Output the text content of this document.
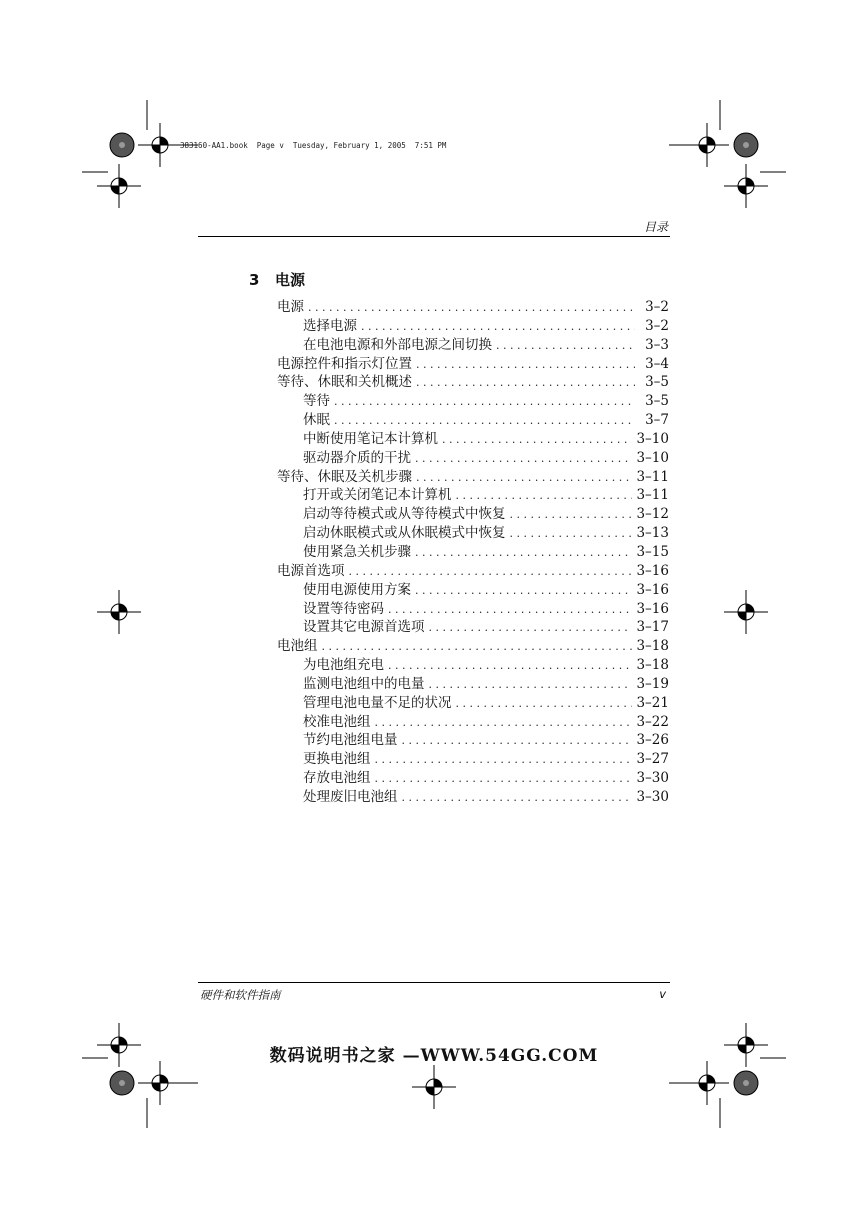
383160-AA1.book  Page v  Tuesday, February 1, 2005  7:51 PM
目录
3 电源
电源 . . .	3–2
选择电源 . . .	3–2
在电池电源和外部电源之间切换 . . .	3–3
电源控件和指示灯位置 . . .	3–4
等待、休眠和关机概述 . . .	3–5
等待 . . .	3–5
休眠 . . .	3–7
中断使用笔记本计算机 . . .	3–10
驱动器介质的干扰 . . .	3–10
等待、休眠及关机步骤 . . .	3–11
打开或关闭笔记本计算机 . . .	3–11
启动等待模式或从等待模式中恢复 . . .	3–12
启动休眠模式或从休眠模式中恢复 . . .	3–13
使用紧急关机步骤 . . .	3–15
电源首选项 . . .	3–16
使用电源使用方案 . . .	3–16
设置等待密码 . . .	3–16
设置其它电源首选项 . . .	3–17
电池组 . . .	3–18
为电池组充电 . . .	3–18
监测电池组中的电量 . . .	3–19
管理电池电量不足的状况 . . .	3–21
校准电池组 . . .	3–22
节约电池组电量 . . .	3–26
更换电池组 . . .	3–27
存放电池组 . . .	3–30
处理废旧电池组 . . .	3–30
硬件和软件指南	v
数码说明书之家 —WWW.54GG.COM
